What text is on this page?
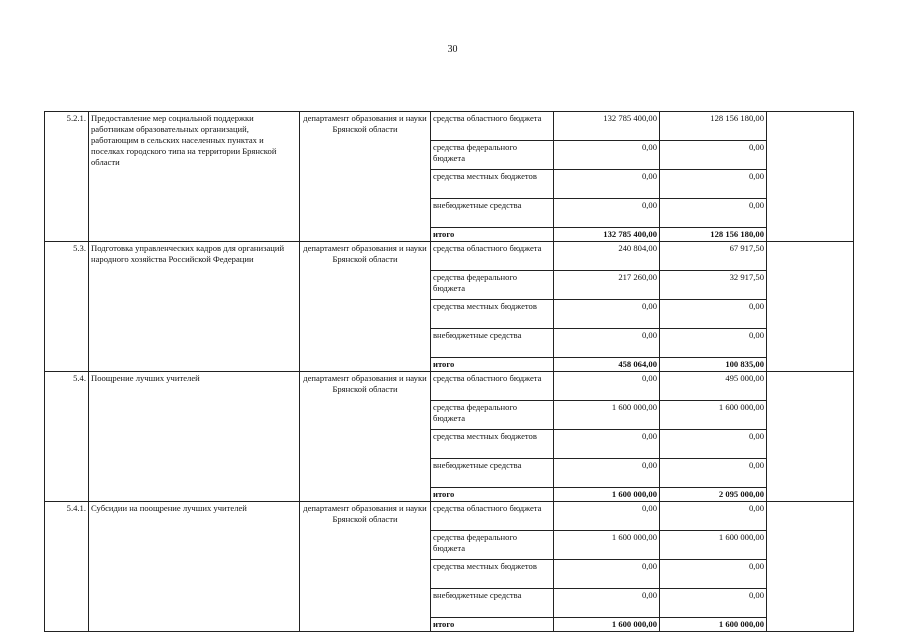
30
5.2.1.	Предоставление мер социальной поддержки работникам образовательных организаций, работающим в сельских населенных пунктах и поселках городского типа на территории Брянской области	департамент образования и науки Брянской области	средства областного бюджета	132 785 400,00	128 156 180,00	
			средства федерального бюджета	0,00	0,00	
			средства местных бюджетов	0,00	0,00	
			внебюджетные средства	0,00	0,00	
			итого	132 785 400,00	128 156 180,00	
5.3.	Подготовка управленческих кадров для организаций народного хозяйства Российской Федерации	департамент образования и науки Брянской области	средства областного бюджета	240 804,00	67 917,50	
			средства федерального бюджета	217 260,00	32 917,50	
			средства местных бюджетов	0,00	0,00	
			внебюджетные средства	0,00	0,00	
			итого	458 064,00	100 835,00	
5.4.	Поощрение лучших учителей	департамент образования и науки Брянской области	средства областного бюджета	0,00	495 000,00	
			средства федерального бюджета	1 600 000,00	1 600 000,00	
			средства местных бюджетов	0,00	0,00	
			внебюджетные средства	0,00	0,00	
			итого	1 600 000,00	2 095 000,00	
5.4.1.	Субсидии на поощрение лучших учителей	департамент образования и науки Брянской области	средства областного бюджета	0,00	0,00	
			средства федерального бюджета	1 600 000,00	1 600 000,00	
			средства местных бюджетов	0,00	0,00	
			внебюджетные средства	0,00	0,00	
			итого	1 600 000,00	1 600 000,00	
